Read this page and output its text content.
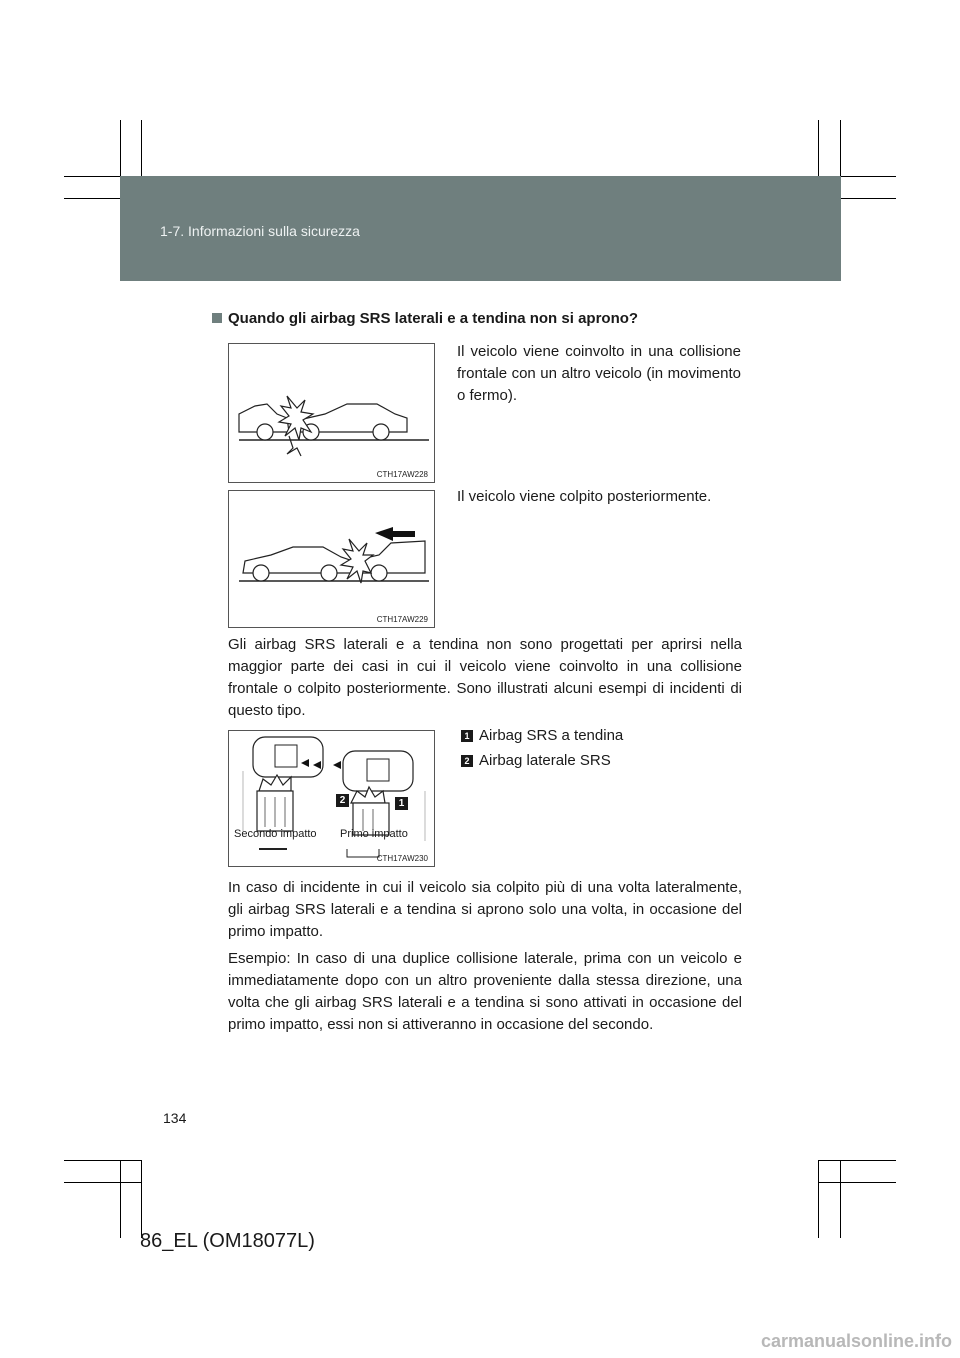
1-7. Informazioni sulla sicurezza
Quando gli airbag SRS laterali e a tendina non si aprono?
CTH17AW228
Il veicolo viene coinvolto in una collisione frontale con un altro veicolo (in movimento o fermo).
CTH17AW229
Il veicolo viene colpito posteriormente.
Gli airbag SRS laterali e a tendina non sono progettati per aprirsi nella maggior parte dei casi in cui il veicolo viene coinvolto in una collisione frontale o colpito posteriormente. Sono illustrati alcuni esempi di incidenti di questo tipo.
2	1
Secondo impatto Primo impatto
CTH17AW230
1 Airbag SRS a tendina
2 Airbag laterale SRS
In caso di incidente in cui il veicolo sia colpito più di una volta lateralmente, gli airbag SRS laterali e a tendina si aprono solo una volta, in occasione del primo impatto.
Esempio: In caso di una duplice collisione laterale, prima con un veicolo e immediatamente dopo con un altro proveniente dalla stessa direzione, una volta che gli airbag SRS laterali e a tendina si sono attivati in occasione del primo impatto, essi non si attiveranno in occasione del secondo.
134
86_EL (OM18077L)
carmanualsonline.info
